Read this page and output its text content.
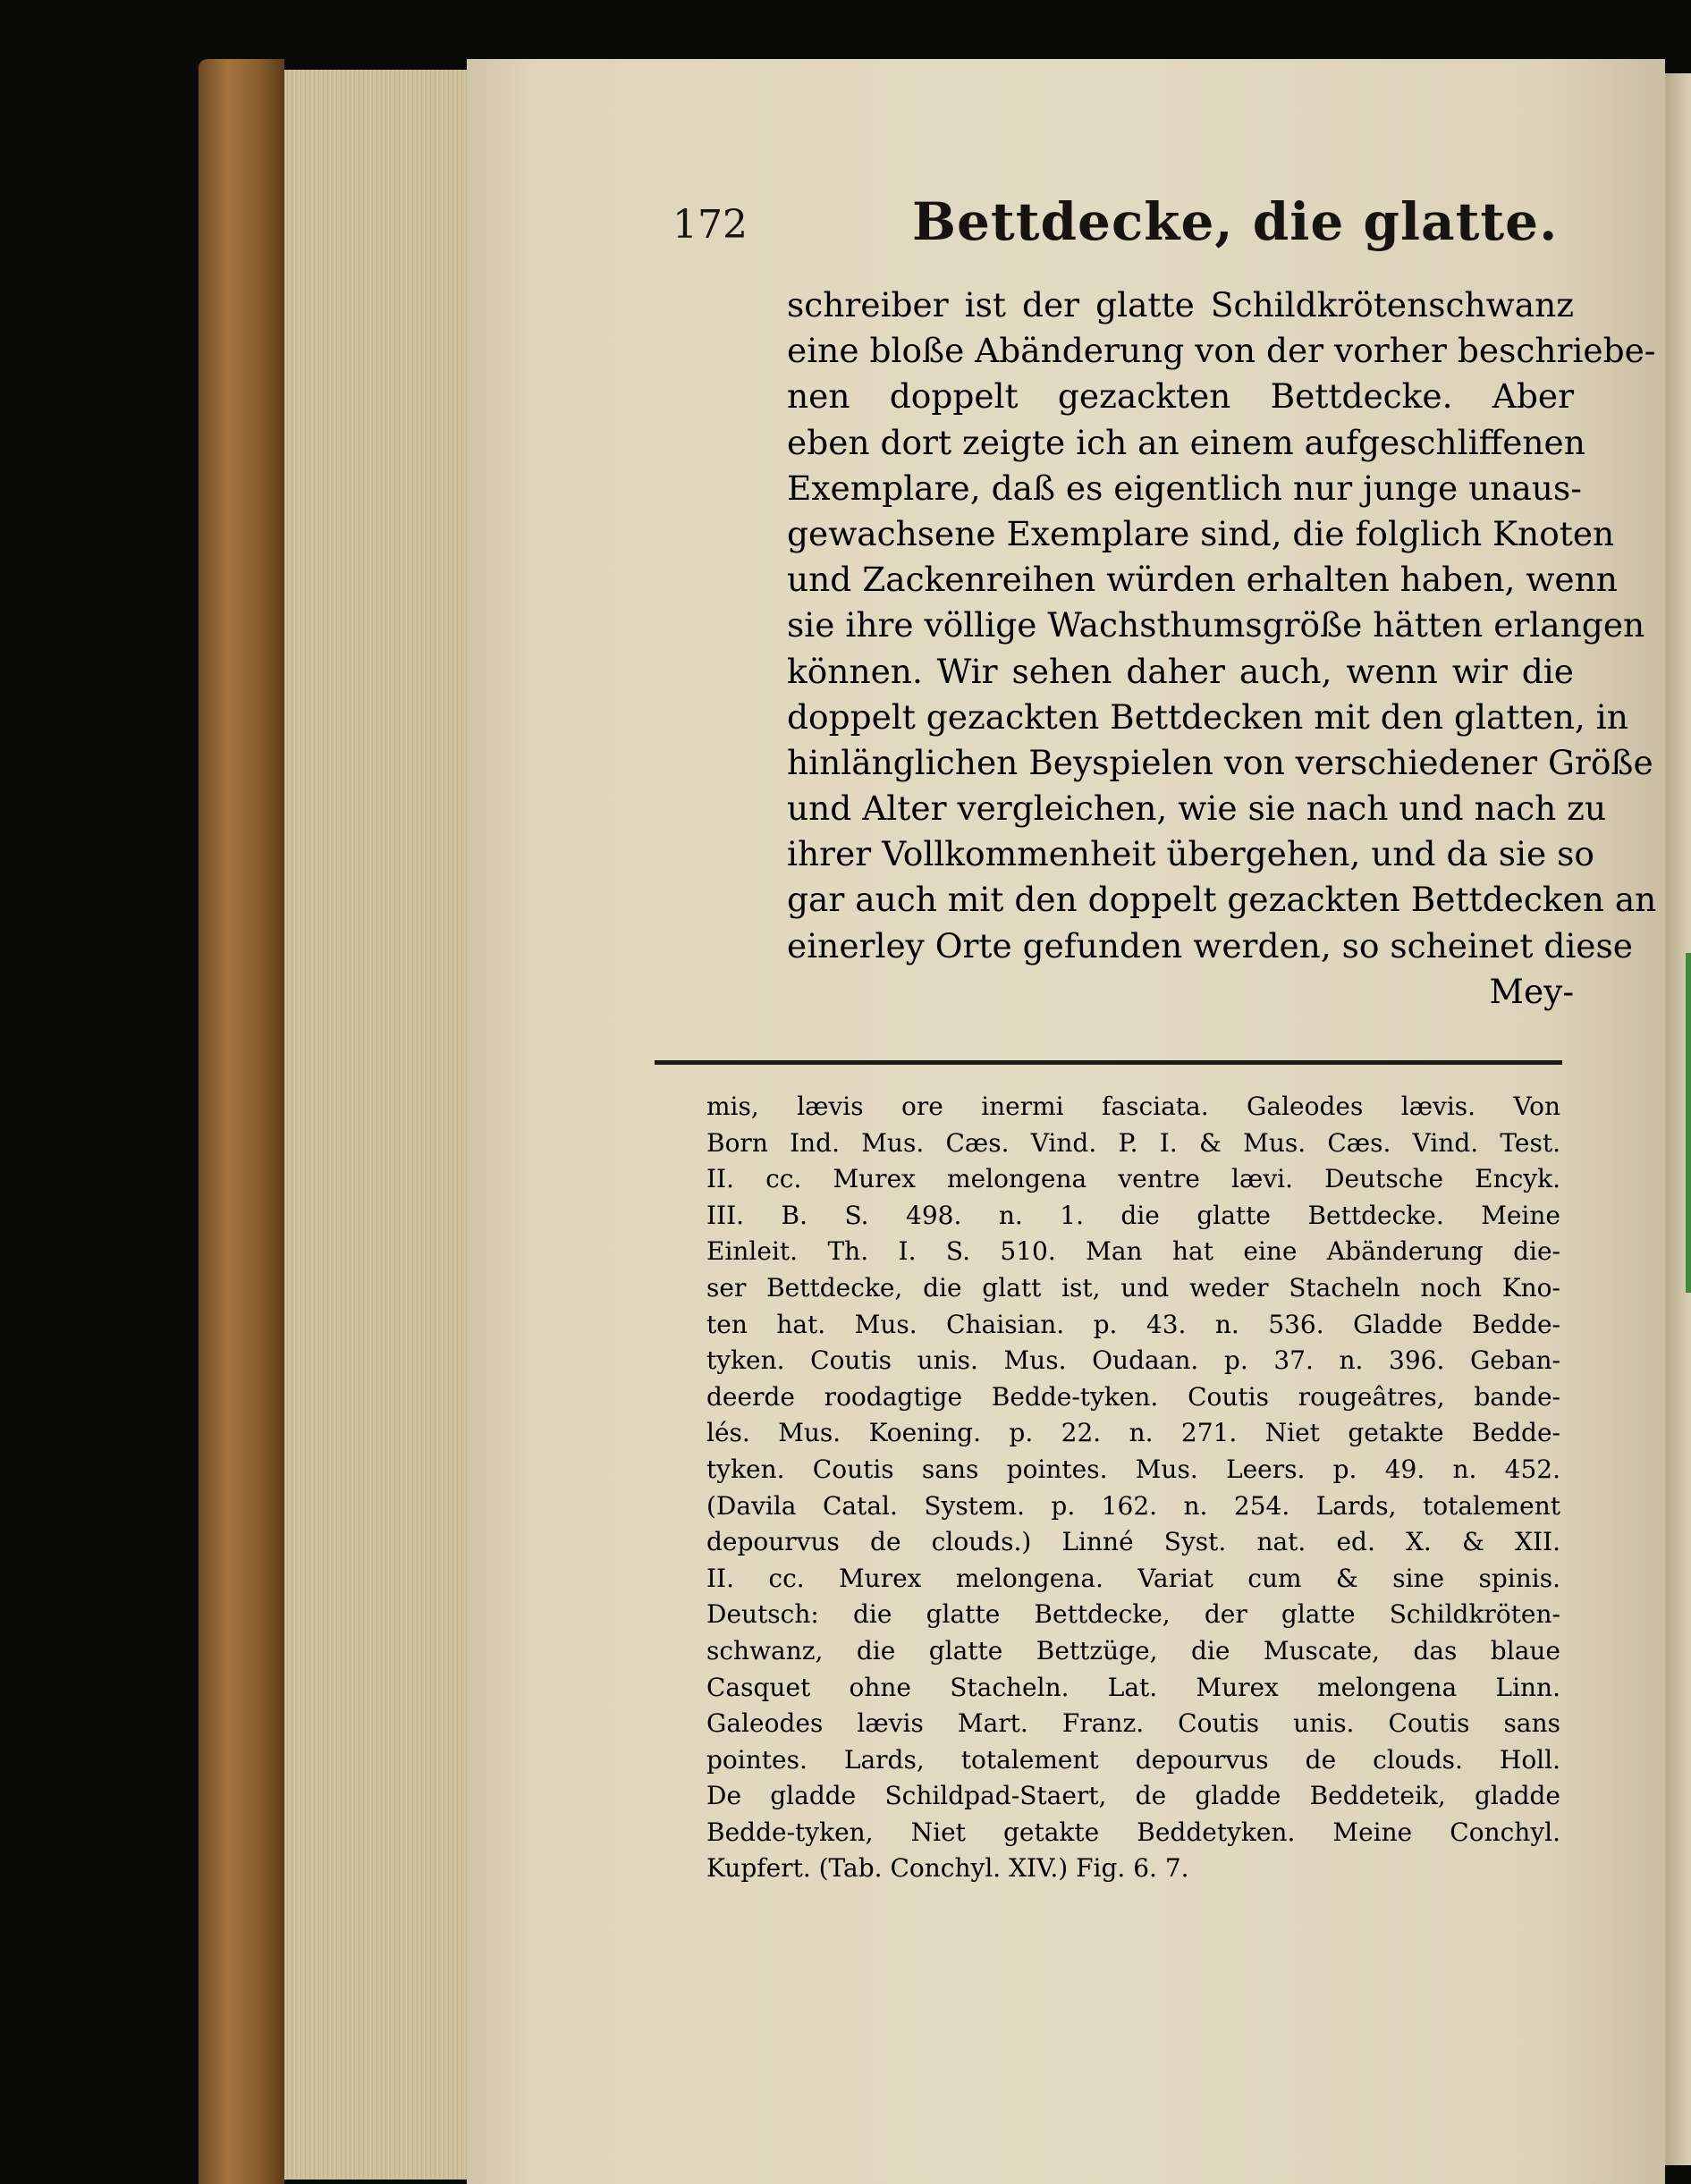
172	Bettdecke, die glatte.
schreiber ist der glatte Schildkrötenschwanz
eine bloße Abänderung von der vorher beschriebe-
nen doppelt gezackten Bettdecke. Aber
eben dort zeigte ich an einem aufgeschliffenen
Exemplare, daß es eigentlich nur junge unaus-
gewachsene Exemplare sind, die folglich Knoten
und Zackenreihen würden erhalten haben, wenn
sie ihre völlige Wachsthumsgröße hätten erlangen
können. Wir sehen daher auch, wenn wir die
doppelt gezackten Bettdecken mit den glatten, in
hinlänglichen Beyspielen von verschiedener Größe
und Alter vergleichen, wie sie nach und nach zu
ihrer Vollkommenheit übergehen, und da sie so
gar auch mit den doppelt gezackten Bettdecken an
einerley Orte gefunden werden, so scheinet diese
Mey-
mis, lævis ore inermi fasciata. Galeodes lævis. Von
Born Ind. Mus. Cæs. Vind. P. I. & Mus. Cæs. Vind. Test.
II. cc. Murex melongena ventre lævi. Deutsche Encyk.
III. B. S. 498. n. 1. die glatte Bettdecke. Meine
Einleit. Th. I. S. 510. Man hat eine Abänderung die-
ser Bettdecke, die glatt ist, und weder Stacheln noch Kno-
ten hat. Mus. Chaisian. p. 43. n. 536. Gladde Bedde-
tyken. Coutis unis. Mus. Oudaan. p. 37. n. 396. Geban-
deerde roodagtige Bedde-tyken. Coutis rougeâtres, bande-
lés. Mus. Koening. p. 22. n. 271. Niet getakte Bedde-
tyken. Coutis sans pointes. Mus. Leers. p. 49. n. 452.
(Davila Catal. System. p. 162. n. 254. Lards, totalement
depourvus de clouds.) Linné Syst. nat. ed. X. & XII.
II. cc. Murex melongena. Variat cum & sine spinis.
Deutsch: die glatte Bettdecke, der glatte Schildkröten-
schwanz, die glatte Bettzüge, die Muscate, das blaue
Casquet ohne Stacheln. Lat. Murex melongena Linn.
Galeodes lævis Mart. Franz. Coutis unis. Coutis sans
pointes. Lards, totalement depourvus de clouds. Holl.
De gladde Schildpad-Staert, de gladde Beddeteik, gladde
Bedde-tyken, Niet getakte Beddetyken. Meine Conchyl.
Kupfert. (Tab. Conchyl. XIV.) Fig. 6. 7.
